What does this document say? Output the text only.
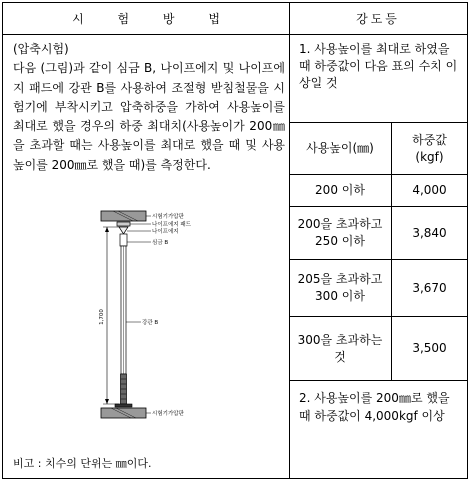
시 험 방 법	강도등

(압축시험)

다음 (그림)과 같이 심금 B, 나이프에지 및 나이프에지 패드에 강관 B를 사용하여 조절형 받침철물을 시험기에 부착시키고 압축하중을 가하여 사용높이를 최대로 했을 경우의 하중 최대치(사용높이가 200㎜을 초과할 때는 사용높이를 최대로 했을 때 및 사용높이를 200㎜로 했을 때)를 측정한다.

1,700
시험기가압판
나이프에지 패드
나이프에지
심금 B
강관 B
시험기가압판
비고 : 치수의 단위는 ㎜이다.
1. 사용높이를 최대로 하였을 때 하중값이 다음 표의 수치 이상일 것
사용높이(㎜)
하중값
(kgf)
200 이하	4,000
200을 초과하고
250 이하
3,840
205을 초과하고
300 이하
3,670
300을 초과하는
것
3,500
2. 사용높이를 200㎜로 했을 때 하중값이 4,000kgf 이상
